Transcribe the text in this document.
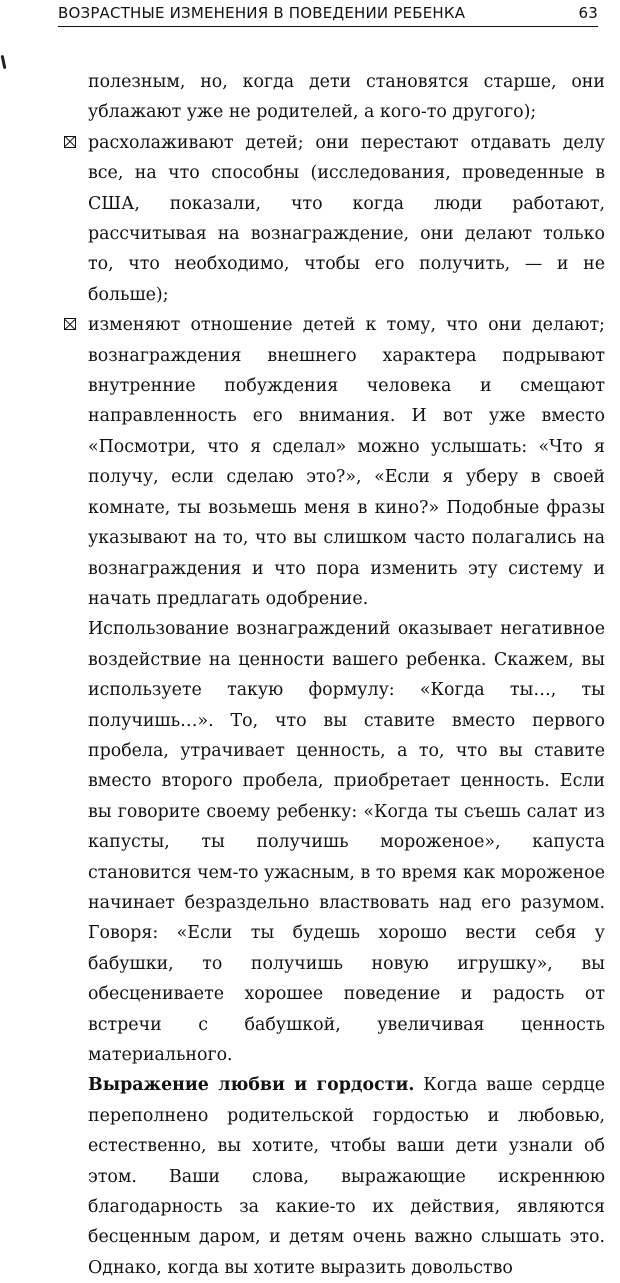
ВОЗРАСТНЫЕ ИЗМЕНЕНИЯ В ПОВЕДЕНИИ РЕБЕНКА	63

полезным, но, когда дети становятся старше, они ублажают уже не родителей, а кого-то другого);

расхолаживают детей; они перестают отдавать делу все, на что способны (исследования, проведенные в США, показали, что когда люди работают, рассчитывая на вознаграждение, они делают только то, что необходимо, чтобы его получить, — и не больше);

изменяют отношение детей к тому, что они делают; вознаграждения внешнего характера подрывают внутренние побуждения человека и смещают направленность его внимания. И вот уже вместо «Посмотри, что я сделал» можно услышать: «Что я получу, если сделаю это?», «Если я уберу в своей комнате, ты возьмешь меня в кино?» Подобные фразы указывают на то, что вы слишком часто полагались на вознаграждения и что пора изменить эту систему и начать предлагать одобрение.

Использование вознаграждений оказывает негативное воздействие на ценности вашего ребенка. Скажем, вы используете такую формулу: «Когда ты…, ты получишь…». То, что вы ставите вместо первого пробела, утрачивает ценность, а то, что вы ставите вместо второго пробела, приобретает ценность. Если вы говорите своему ребенку: «Когда ты съешь салат из капусты, ты получишь мороженое», капуста становится чем-то ужасным, в то время как мороженое начинает безраздельно властвовать над его разумом. Говоря: «Если ты будешь хорошо вести себя у бабушки, то получишь новую игрушку», вы обесцениваете хорошее поведение и радость от встречи с бабушкой, увеличивая ценность материального.

Выражение любви и гордости. Когда ваше сердце переполнено родительской гордостью и любовью, естественно, вы хотите, чтобы ваши дети узнали об этом. Ваши слова, выражающие искреннюю благодарность за какие-то их действия, являются бесценным даром, и детям очень важно слышать это. Однако, когда вы хотите выразить довольство
